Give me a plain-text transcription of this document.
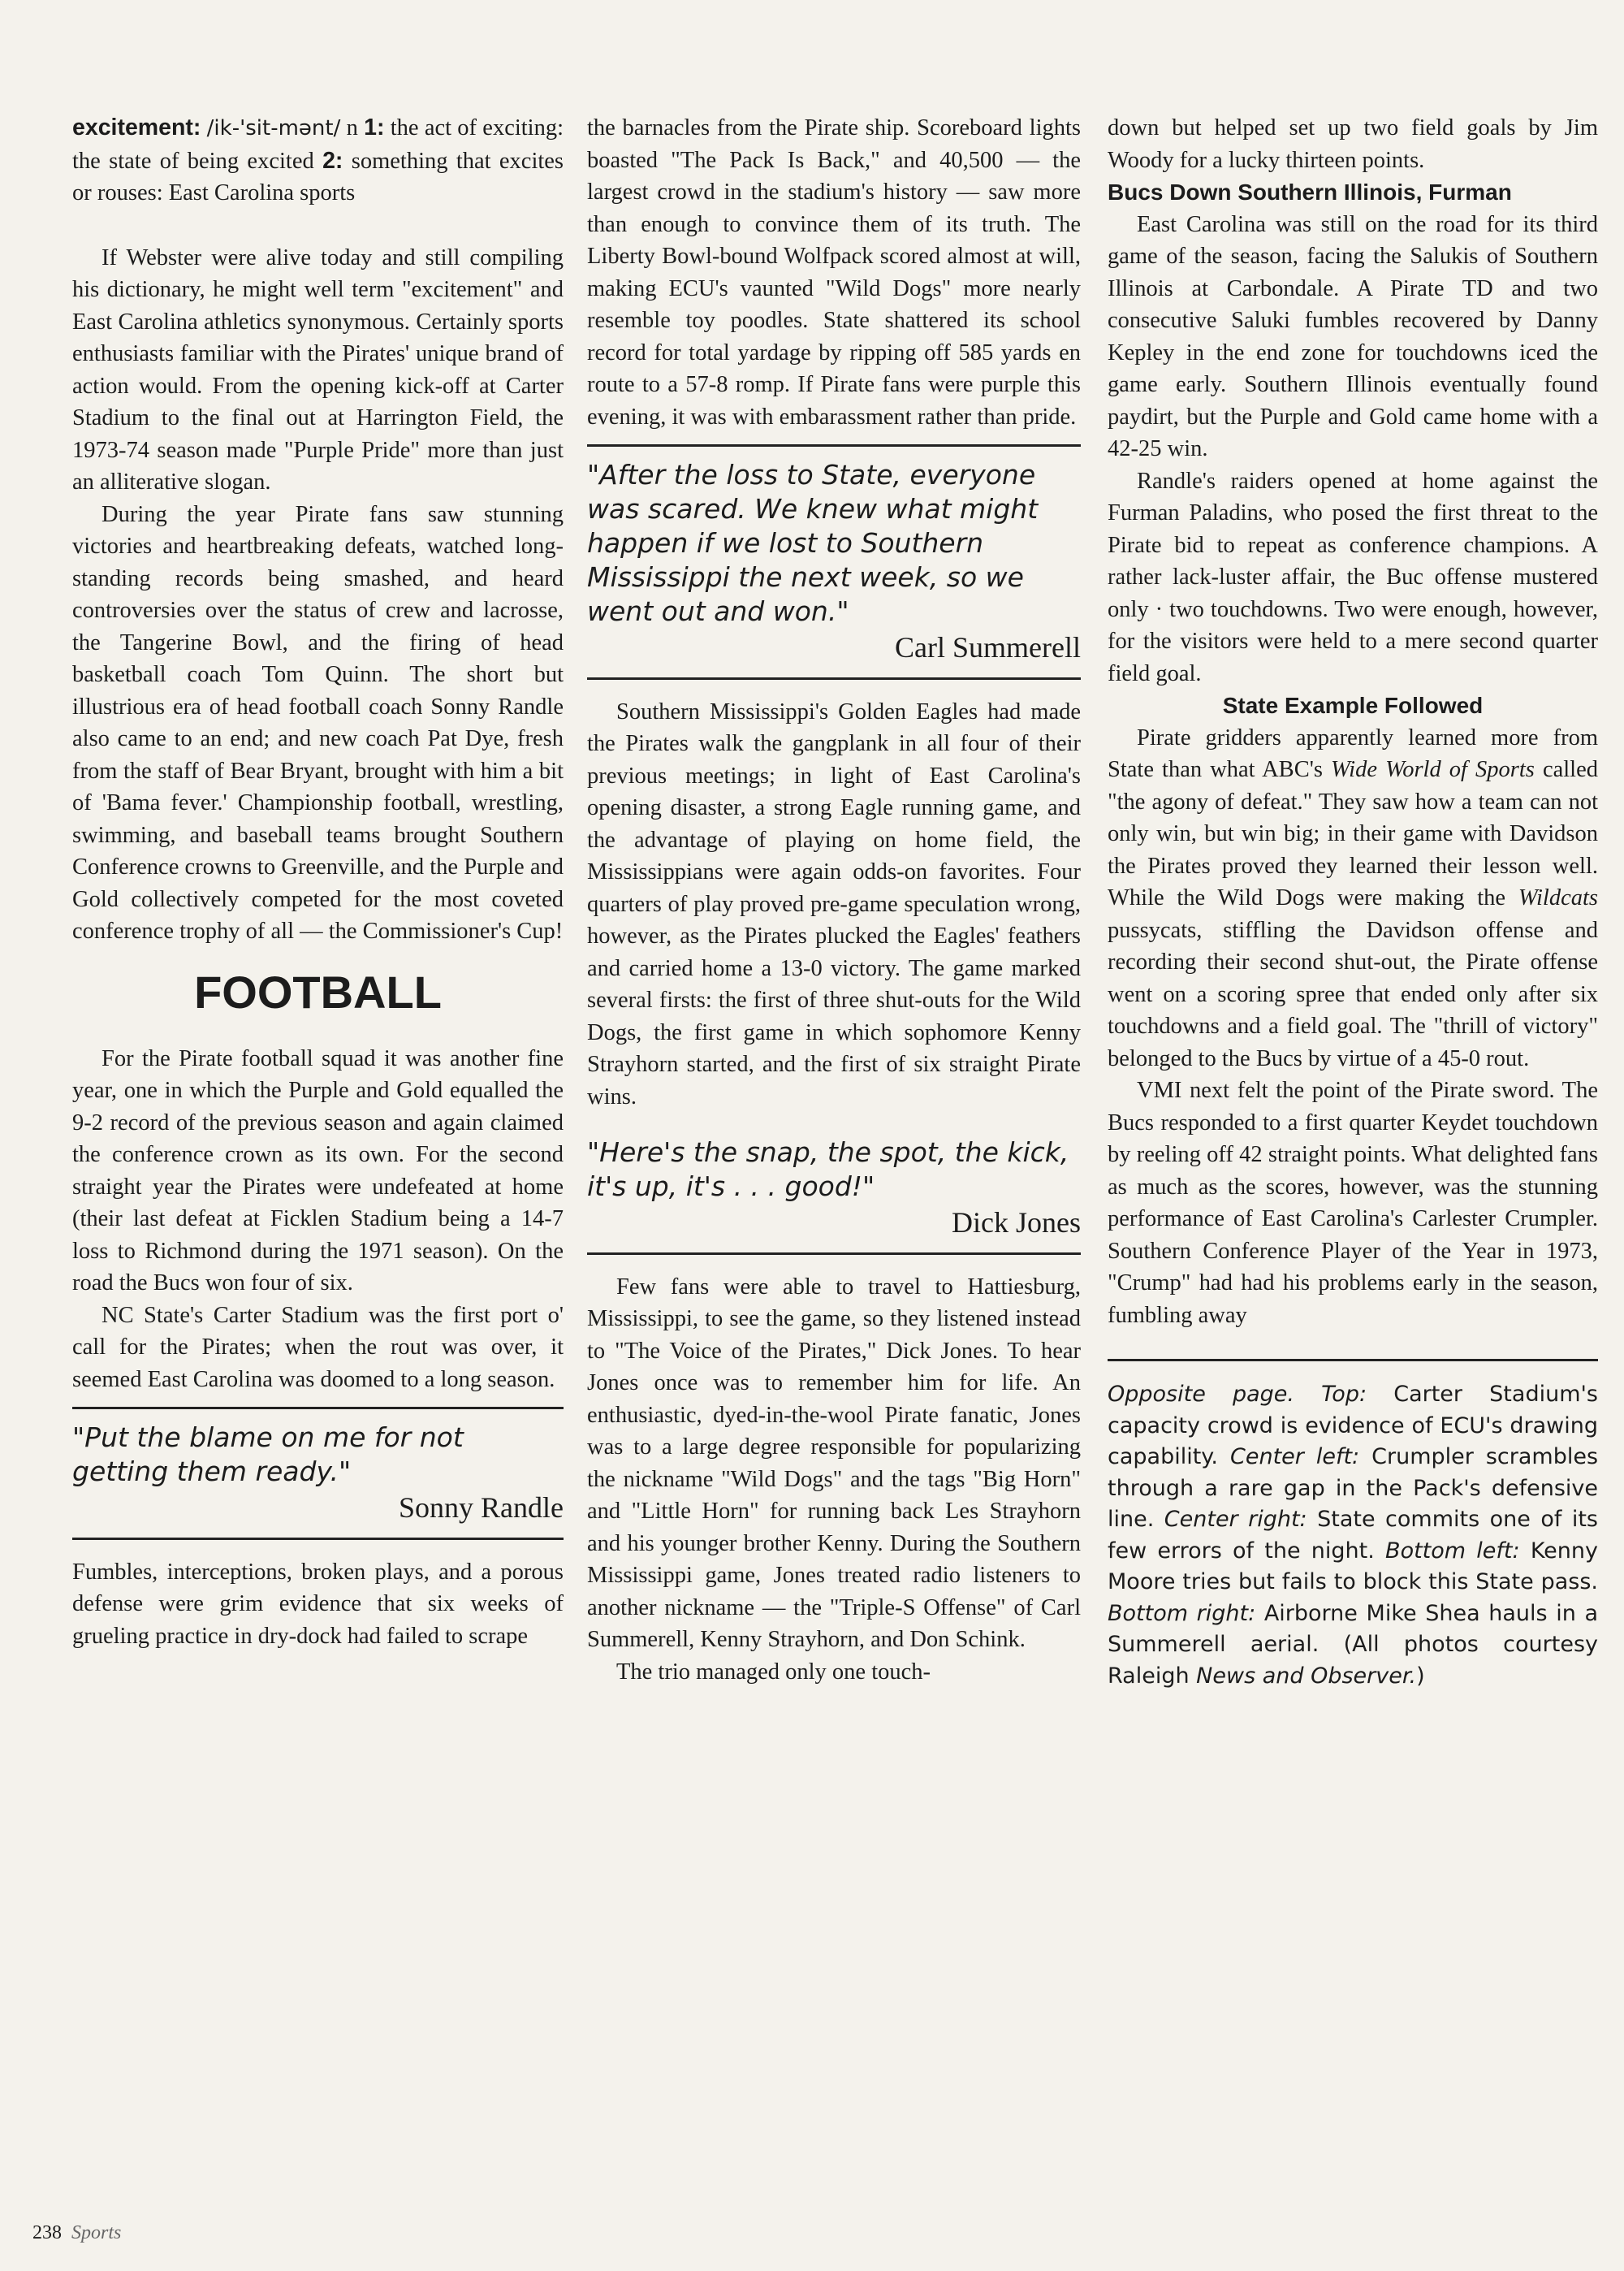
excitement: /ik-'sit-mənt/ n 1: the act of exciting: the state of being excited 2: something that excites or rouses: East Carolina sports

If Webster were alive today and still compiling his dictionary, he might well term "excitement" and East Carolina athletics synonymous. Certainly sports enthusiasts familiar with the Pirates' unique brand of action would. From the opening kick-off at Carter Stadium to the final out at Harrington Field, the 1973-74 season made "Purple Pride" more than just an alliterative slogan.

During the year Pirate fans saw stunning victories and heartbreaking defeats, watched long-standing records being smashed, and heard controversies over the status of crew and lacrosse, the Tangerine Bowl, and the firing of head basketball coach Tom Quinn. The short but illustrious era of head football coach Sonny Randle also came to an end; and new coach Pat Dye, fresh from the staff of Bear Bryant, brought with him a bit of 'Bama fever.' Championship football, wrestling, swimming, and baseball teams brought Southern Conference crowns to Greenville, and the Purple and Gold collectively competed for the most coveted conference trophy of all — the Commissioner's Cup!

FOOTBALL

For the Pirate football squad it was another fine year, one in which the Purple and Gold equalled the 9-2 record of the previous season and again claimed the conference crown as its own. For the second straight year the Pirates were undefeated at home (their last defeat at Ficklen Stadium being a 14-7 loss to Richmond during the 1971 season). On the road the Bucs won four of six.

NC State's Carter Stadium was the first port o' call for the Pirates; when the rout was over, it seemed East Carolina was doomed to a long season.

"Put the blame on me for not getting them ready."

Sonny Randle

Fumbles, interceptions, broken plays, and a porous defense were grim evidence that six weeks of grueling practice in dry-dock had failed to scrape

the barnacles from the Pirate ship. Scoreboard lights boasted "The Pack Is Back," and 40,500 — the largest crowd in the stadium's history — saw more than enough to convince them of its truth. The Liberty Bowl-bound Wolfpack scored almost at will, making ECU's vaunted "Wild Dogs" more nearly resemble toy poodles. State shattered its school record for total yardage by ripping off 585 yards en route to a 57-8 romp. If Pirate fans were purple this evening, it was with embarassment rather than pride.

"After the loss to State, everyone was scared. We knew what might happen if we lost to Southern Mississippi the next week, so we went out and won."

Carl Summerell

Southern Mississippi's Golden Eagles had made the Pirates walk the gangplank in all four of their previous meetings; in light of East Carolina's opening disaster, a strong Eagle running game, and the advantage of playing on home field, the Mississippians were again odds-on favorites. Four quarters of play proved pre-game speculation wrong, however, as the Pirates plucked the Eagles' feathers and carried home a 13-0 victory. The game marked several firsts: the first of three shut-outs for the Wild Dogs, the first game in which sophomore Kenny Strayhorn started, and the first of six straight Pirate wins.

"Here's the snap, the spot, the kick, it's up, it's . . . good!"

Dick Jones

Few fans were able to travel to Hattiesburg, Mississippi, to see the game, so they listened instead to "The Voice of the Pirates," Dick Jones. To hear Jones once was to remember him for life. An enthusiastic, dyed-in-the-wool Pirate fanatic, Jones was to a large degree responsible for popularizing the nickname "Wild Dogs" and the tags "Big Horn" and "Little Horn" for running back Les Strayhorn and his younger brother Kenny. During the Southern Mississippi game, Jones treated radio listeners to another nickname — the "Triple-S Offense" of Carl Summerell, Kenny Strayhorn, and Don Schink.

The trio managed only one touch-

down but helped set up two field goals by Jim Woody for a lucky thirteen points.

Bucs Down Southern Illinois, Furman

East Carolina was still on the road for its third game of the season, facing the Salukis of Southern Illinois at Carbondale. A Pirate TD and two consecutive Saluki fumbles recovered by Danny Kepley in the end zone for touchdowns iced the game early. Southern Illinois eventually found paydirt, but the Purple and Gold came home with a 42-25 win.

Randle's raiders opened at home against the Furman Paladins, who posed the first threat to the Pirate bid to repeat as conference champions. A rather lack-luster affair, the Buc offense mustered only · two touchdowns. Two were enough, however, for the visitors were held to a mere second quarter field goal.

State Example Followed

Pirate gridders apparently learned more from State than what ABC's Wide World of Sports called "the agony of defeat." They saw how a team can not only win, but win big; in their game with Davidson the Pirates proved they learned their lesson well. While the Wild Dogs were making the Wildcats pussycats, stiffling the Davidson offense and recording their second shut-out, the Pirate offense went on a scoring spree that ended only after six touchdowns and a field goal. The "thrill of victory" belonged to the Bucs by virtue of a 45-0 rout.

VMI next felt the point of the Pirate sword. The Bucs responded to a first quarter Keydet touchdown by reeling off 42 straight points. What delighted fans as much as the scores, however, was the stunning performance of East Carolina's Carlester Crumpler. Southern Conference Player of the Year in 1973, "Crump" had had his problems early in the season, fumbling away

Opposite page. Top: Carter Stadium's capacity crowd is evidence of ECU's drawing capability. Center left: Crumpler scrambles through a rare gap in the Pack's defensive line. Center right: State commits one of its few errors of the night. Bottom left: Kenny Moore tries but fails to block this State pass. Bottom right: Airborne Mike Shea hauls in a Summerell aerial. (All photos courtesy Raleigh News and Observer.)

238 Sports
